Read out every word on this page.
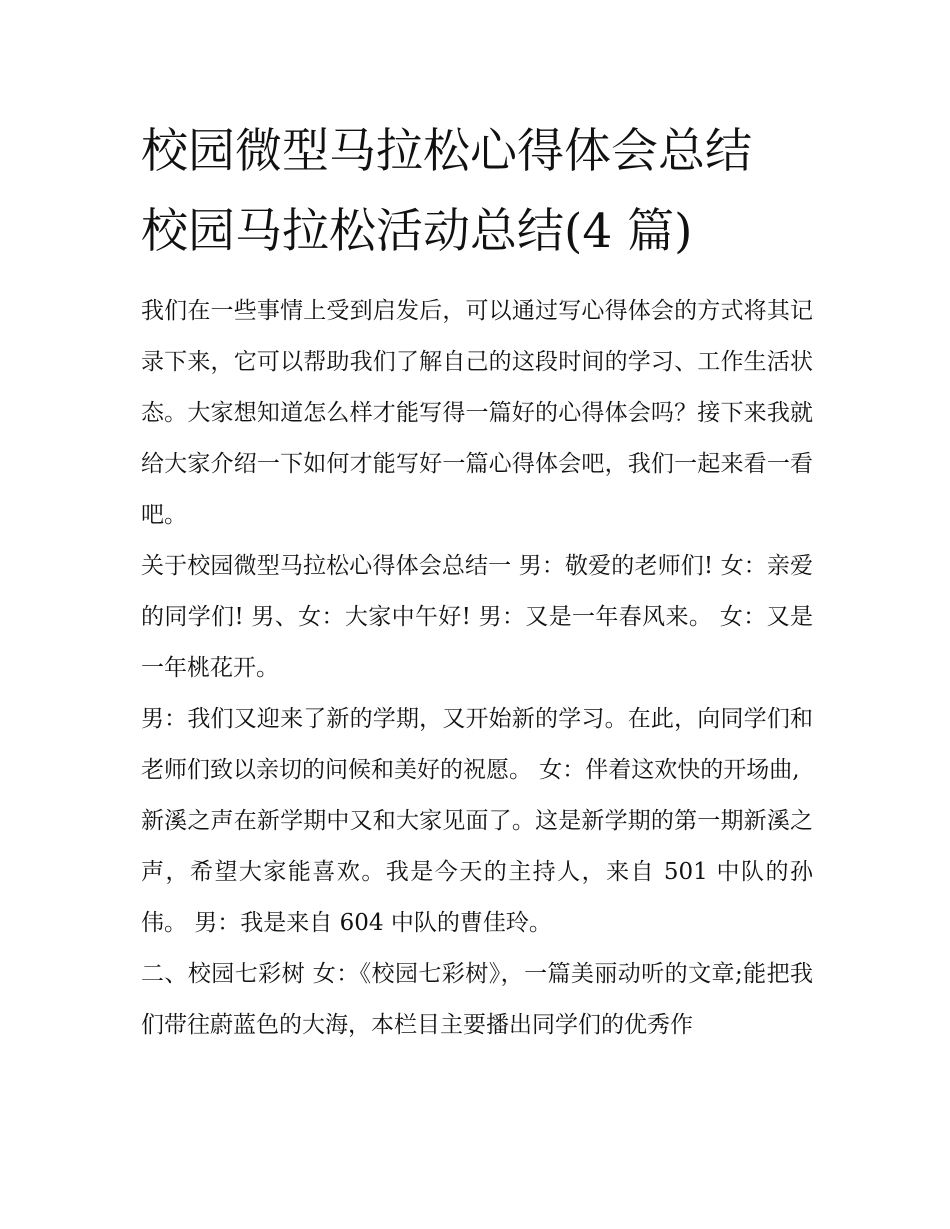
校园微型马拉松心得体会总结
校园马拉松活动总结(4 篇)

我们在一些事情上受到启发后，可以通过写心得体会的方式将其记录下来，它可以帮助我们了解自己的这段时间的学习、工作生活状态。大家想知道怎么样才能写得一篇好的心得体会吗？接下来我就给大家介绍一下如何才能写好一篇心得体会吧，我们一起来看一看吧。

关于校园微型马拉松心得体会总结一 男：敬爱的老师们! 女：亲爱的同学们! 男、女：大家中午好! 男：又是一年春风来。 女：又是一年桃花开。

男：我们又迎来了新的学期，又开始新的学习。在此，向同学们和老师们致以亲切的问候和美好的祝愿。 女：伴着这欢快的开场曲,

新溪之声在新学期中又和大家见面了。这是新学期的第一期新溪之声，希望大家能喜欢。我是今天的主持人，来自 501 中队的孙伟。 男：我是来自 604 中队的曹佳玲。

二、校园七彩树 女：《校园七彩树》，一篇美丽动听的文章;能把我们带往蔚蓝色的大海，本栏目主要播出同学们的优秀作
